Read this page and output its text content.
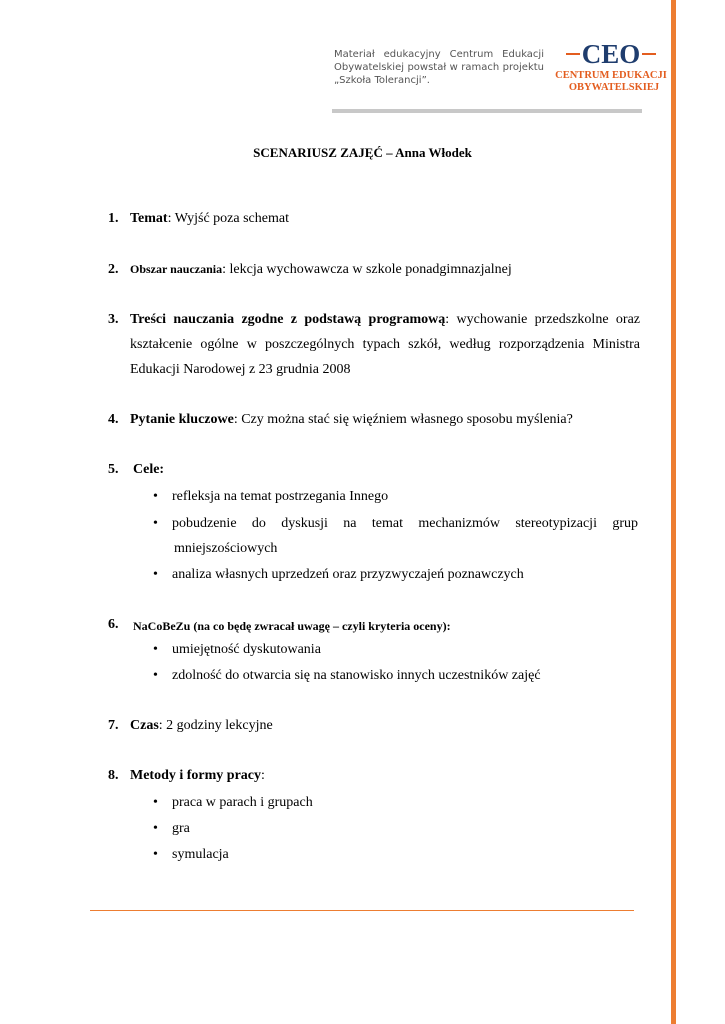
Materiał edukacyjny Centrum Edukacji Obywatelskiej powstał w ramach projektu „Szkoła Tolerancji”.
CEO
CENTRUM EDUKACJI
OBYWATELSKIEJ
SCENARIUSZ ZAJĘĆ – Anna Włodek
1. Temat: Wyjść poza schemat
2. Obszar nauczania: lekcja wychowawcza w szkole ponadgimnazjalnej
3. Treści nauczania zgodne z podstawą programową: wychowanie przedszkolne oraz
kształcenie ogólne w poszczególnych typach szkół, według rozporządzenia Ministra
Edukacji Narodowej z 23 grudnia 2008
4. Pytanie kluczowe: Czy można stać się więźniem własnego sposobu myślenia?
5. Cele:
• refleksja na temat postrzegania Innego
• pobudzenie do dyskusji na temat mechanizmów stereotypizacji grup
mniejszościowych
• analiza własnych uprzedzeń oraz przyzwyczajeń poznawczych
6. NaCoBeZu (na co będę zwracał uwagę – czyli kryteria oceny):
• umiejętność dyskutowania
• zdolność do otwarcia się na stanowisko innych uczestników zajęć
7. Czas: 2 godziny lekcyjne
8. Metody i formy pracy:
• praca w parach i grupach
• gra
• symulacja
